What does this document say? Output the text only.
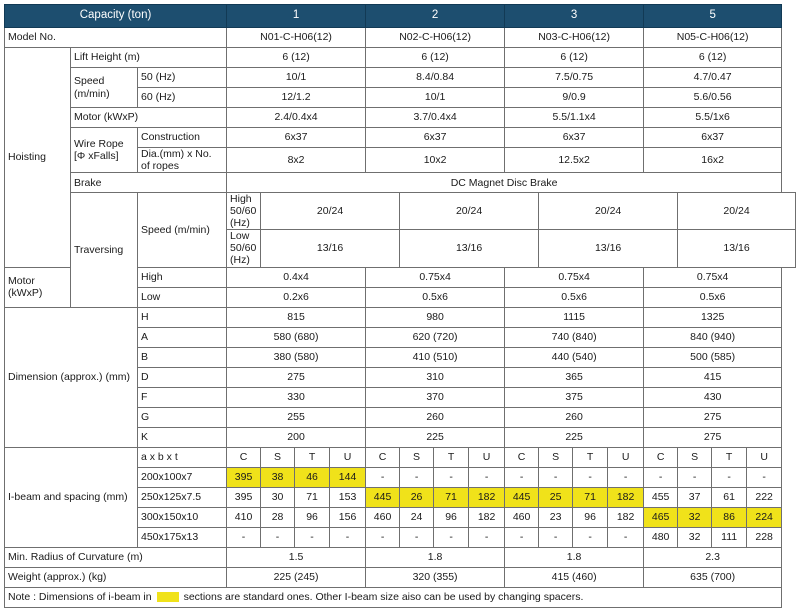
Capacity (ton)			1				2				3				5			
Model No.			N01-C-H06(12)				N02-C-H06(12)				N03-C-H06(12)				N05-C-H06(12)			
Hoisting	Lift Height (m)		6 (12)				6 (12)				6 (12)				6 (12)			
	Speed (m/min)	50 (Hz)	10/1				8.4/0.84				7.5/0.75				4.7/0.47			
		60 (Hz)	12/1.2				10/1				9/0.9				5.6/0.56			
	Motor (kWxP)		2.4/0.4x4				3.7/0.4x4				5.5/1.1x4				5.5/1x6			
	Wire Rope [Φ xFalls]	Construction	6x37				6x37				6x37				6x37			
		Dia.(mm) x No. of ropes	8x2				10x2				12.5x2				16x2			
	Brake		DC Magnet Disc Brake															
	Traversing	Speed (m/min)	High 50/60 (Hz)	20/24				20/24				20/24				20/24		
			Low 50/60 (Hz)	13/16				13/16				13/16				13/16		
Motor (kWxP)		High	0.4x4				0.75x4				0.75x4				0.75x4			
		Low	0.2x6				0.5x6				0.5x6				0.5x6			
Dimension (approx.) (mm)		H	815				980				1115				1325			
		A	580 (680)				620 (720)				740 (840)				840 (940)			
		B	380 (580)				410 (510)				440 (540)				500 (585)			
		D	275				310				365				415			
		F	330				370				375				430			
		G	255				260				260				275			
		K	200				225				225				275			
I-beam and spacing (mm)		a x b x t	C	S	T	U	C	S	T	U	C	S	T	U	C	S	T	U
		200x100x7	395	38	46	144	-	-	-	-	-	-	-	-	-	-	-	-
		250x125x7.5	395	30	71	153	445	26	71	182	445	25	71	182	455	37	61	222
		300x150x10	410	28	96	156	460	24	96	182	460	23	96	182	465	32	86	224
		450x175x13	-	-	-	-	-	-	-	-	-	-	-	-	480	32	111	228
Min. Radius of Curvature (m)			1.5				1.8				1.8				2.3			
Weight (approx.) (kg)			225 (245)				320 (355)				415 (460)				635 (700)			
Note : Dimensions of i-beam in sections are standard ones. Other I-beam size aiso can be used by changing spacers.																		
